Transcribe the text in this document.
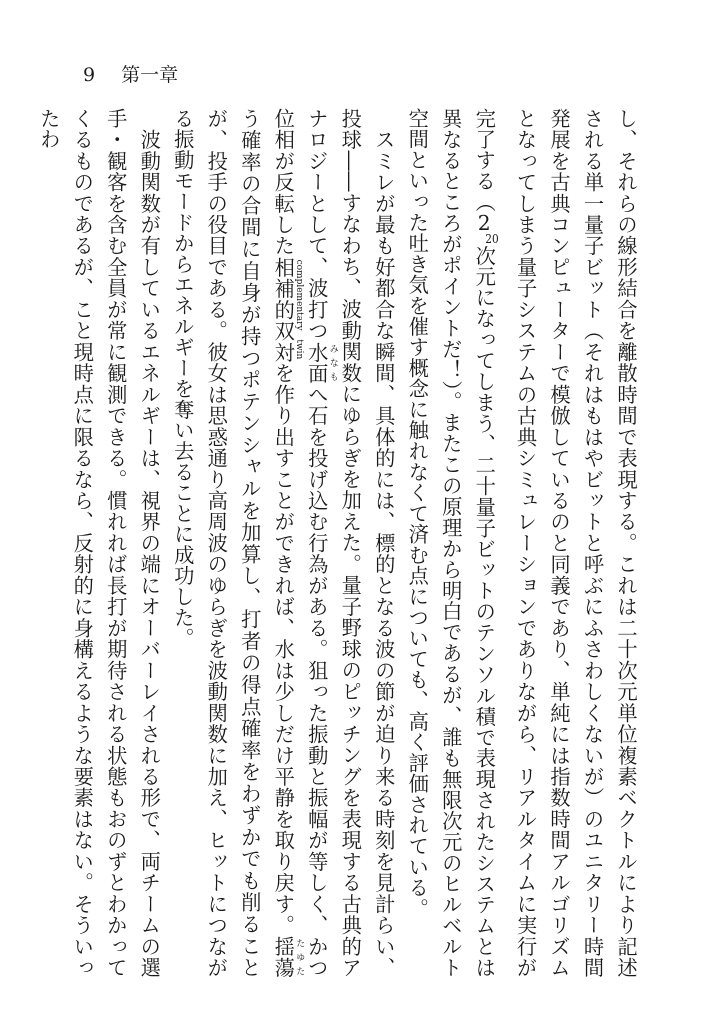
9 第一章

し、それらの線形結合を離散時間で表現する。これは二十次元単位複素ベクトルにより記述される単一量子ビット（それはもはやビットと呼ぶにふさわしくないが）のユニタリー時間発展を古典コンピューターで模倣しているのと同義であり、単純には指数時間アルゴリズムとなってしまう量子システムの古典シミュレーションでありながら、リアルタイムに実行が完了する（$2^{20}$次元になってしまう、二十量子ビットのテンソル積で表現されたシステムとは異なるところがポイントだ！）。またこの原理から明白であるが、誰も無限次元のヒルベルト空間といった吐き気を催す概念に触れなくて済む点についても、高く評価されている。

　スミレが最も好都合な瞬間、具体的には、標的となる波の節が迫り来る時刻を見計らい、投球――すなわち、波動関数にゆらぎを加えた。量子野球のピッチングを表現する古典的アナロジーとして、波打つ水面 みなもへ石を投げ込む行為がある。狙った振動と振幅が等しく、かつ位相が反転した相補的双対 complementary twinを作り出すことができれば、水は少しだけ平静を取り戻す。揺蕩 たゆたう確率の合間に自身が持つポテンシャルを加算し、打者の得点確率をわずかでも削ることが、投手の役目である。彼女は思惑通り高周波のゆらぎを波動関数に加え、ヒットにつながる振動モードからエネルギーを奪い去ることに成功した。

　波動関数が有しているエネルギーは、視界の端にオーバーレイされる形で、両チームの選手・観客を含む全員が常に観測できる。慣れれば長打が期待される状態もおのずとわかってくるものであるが、こと現時点に限るなら、反射的に身構えるような要素はない。そういったわ
